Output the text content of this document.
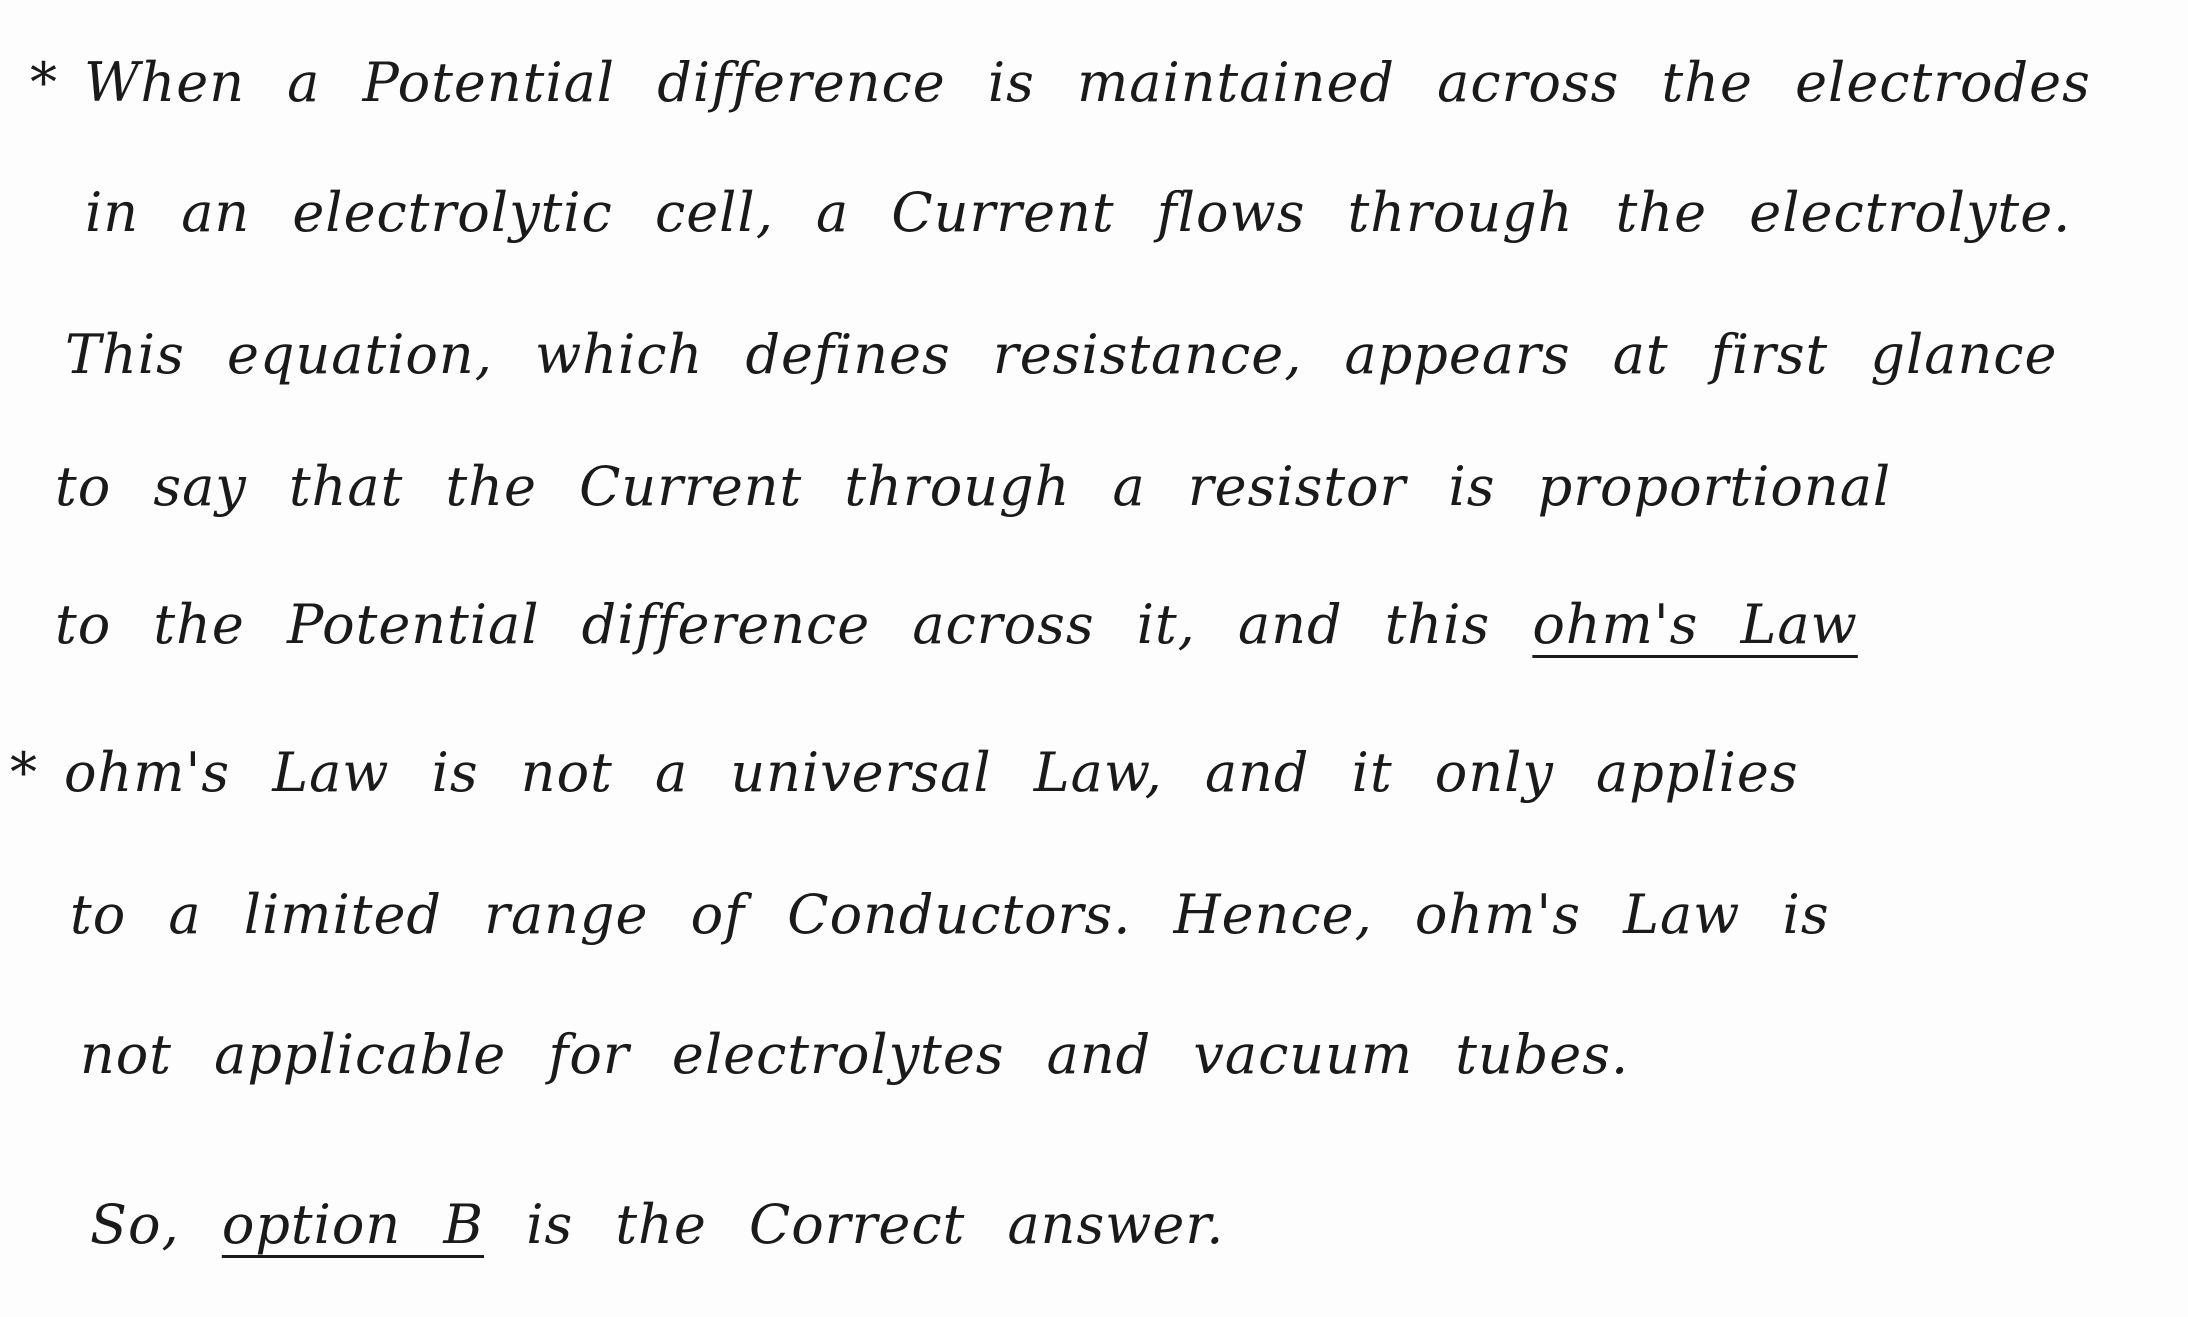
* When a Potential difference is maintained across the electrodes
in an electrolytic cell, a Current flows through the electrolyte.
This equation, which defines resistance, appears at first glance
to say that the Current through a resistor is proportional
to the Potential difference across it, and this ohm's Law
* ohm's Law is not a universal Law, and it only applies
to a limited range of Conductors. Hence, ohm's Law is
not applicable for electrolytes and vacuum tubes.
So, option B is the Correct answer.
